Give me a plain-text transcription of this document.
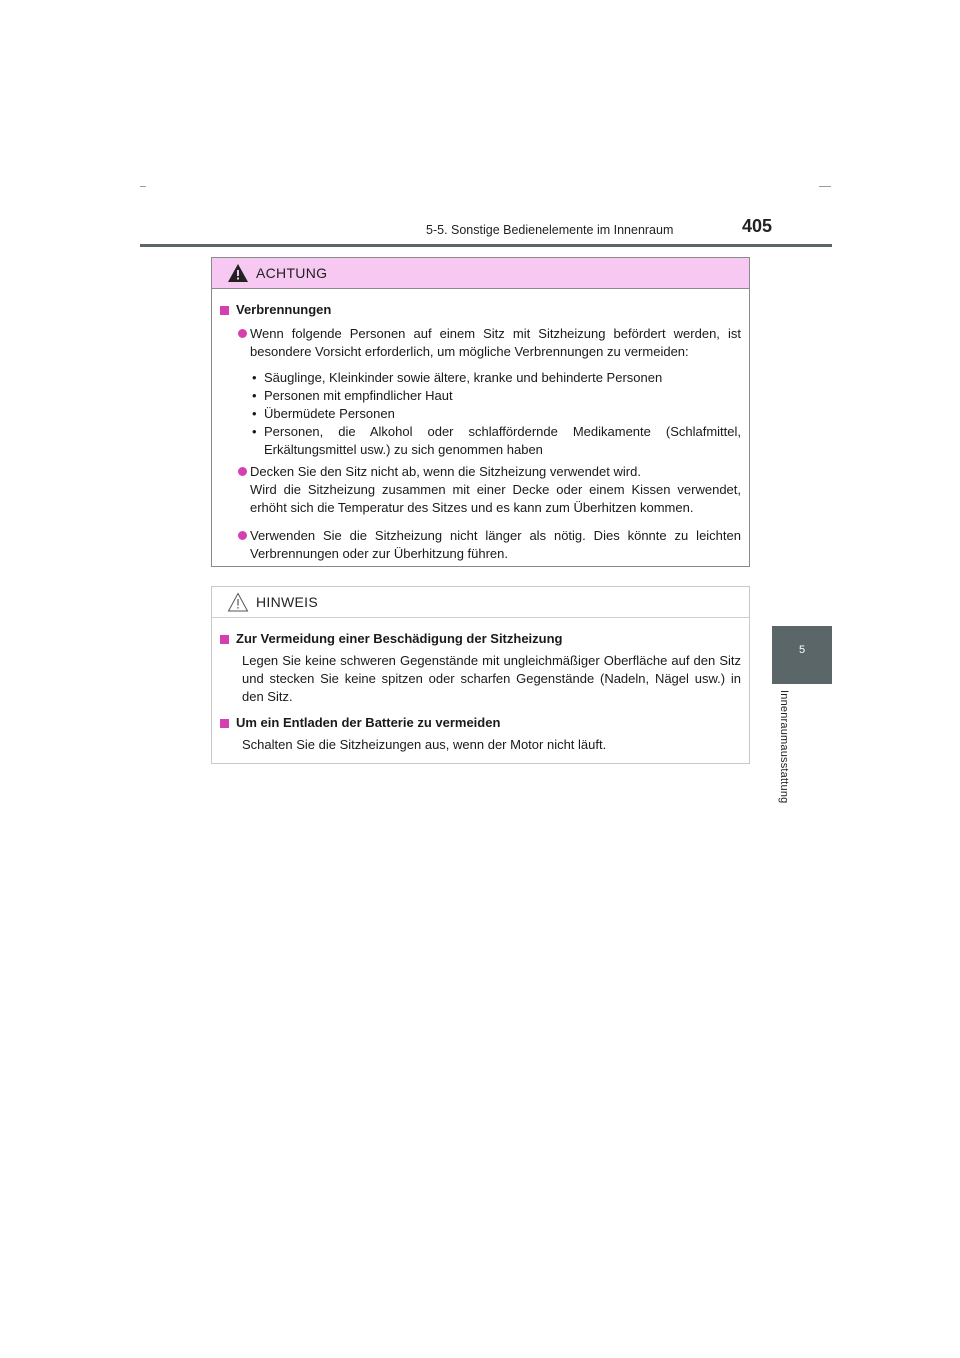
5-5. Sonstige Bedienelemente im Innenraum	405
5
Innenraumausstattung
ACHTUNG
Verbrennungen
Wenn folgende Personen auf einem Sitz mit Sitzheizung befördert werden, ist besondere Vorsicht erforderlich, um mögliche Verbrennungen zu vermeiden:
• Säuglinge, Kleinkinder sowie ältere, kranke und behinderte Personen
• Personen mit empfindlicher Haut
• Übermüdete Personen
• Personen, die Alkohol oder schlaffördernde Medikamente (Schlafmittel, Erkältungsmittel usw.) zu sich genommen haben
Decken Sie den Sitz nicht ab, wenn die Sitzheizung verwendet wird.
Wird die Sitzheizung zusammen mit einer Decke oder einem Kissen verwendet, erhöht sich die Temperatur des Sitzes und es kann zum Überhitzen kommen.
Verwenden Sie die Sitzheizung nicht länger als nötig. Dies könnte zu leichten Verbrennungen oder zur Überhitzung führen.
HINWEIS
Zur Vermeidung einer Beschädigung der Sitzheizung
Legen Sie keine schweren Gegenstände mit ungleichmäßiger Oberfläche auf den Sitz und stecken Sie keine spitzen oder scharfen Gegenstände (Nadeln, Nägel usw.) in den Sitz.
Um ein Entladen der Batterie zu vermeiden
Schalten Sie die Sitzheizungen aus, wenn der Motor nicht läuft.
